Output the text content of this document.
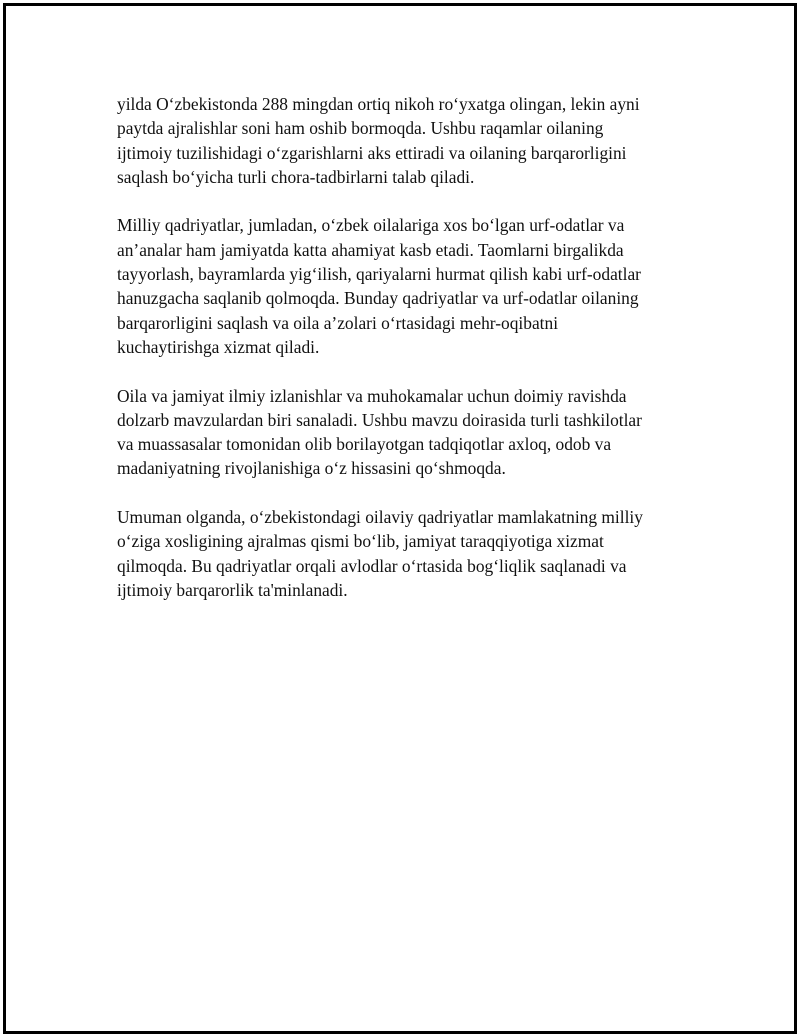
yilda O‘zbekistonda 288 mingdan ortiq nikoh ro‘yxatga olingan, lekin ayni
paytda ajralishlar soni ham oshib bormoqda. Ushbu raqamlar oilaning
ijtimoiy tuzilishidagi o‘zgarishlarni aks ettiradi va oilaning barqarorligini
saqlash bo‘yicha turli chora-tadbirlarni talab qiladi.

Milliy qadriyatlar, jumladan, o‘zbek oilalariga xos bo‘lgan urf-odatlar va
an’analar ham jamiyatda katta ahamiyat kasb etadi. Taomlarni birgalikda
tayyorlash, bayramlarda yig‘ilish, qariyalarni hurmat qilish kabi urf-odatlar
hanuzgacha saqlanib qolmoqda. Bunday qadriyatlar va urf-odatlar oilaning
barqarorligini saqlash va oila a’zolari o‘rtasidagi mehr-oqibatni
kuchaytirishga xizmat qiladi.

Oila va jamiyat ilmiy izlanishlar va muhokamalar uchun doimiy ravishda
dolzarb mavzulardan biri sanaladi. Ushbu mavzu doirasida turli tashkilotlar
va muassasalar tomonidan olib borilayotgan tadqiqotlar axloq, odob va
madaniyatning rivojlanishiga o‘z hissasini qo‘shmoqda.

Umuman olganda, o‘zbekistondagi oilaviy qadriyatlar mamlakatning milliy
o‘ziga xosligining ajralmas qismi bo‘lib, jamiyat taraqqiyotiga xizmat
qilmoqda. Bu qadriyatlar orqali avlodlar o‘rtasida bog‘liqlik saqlanadi va
ijtimoiy barqarorlik ta'minlanadi.
